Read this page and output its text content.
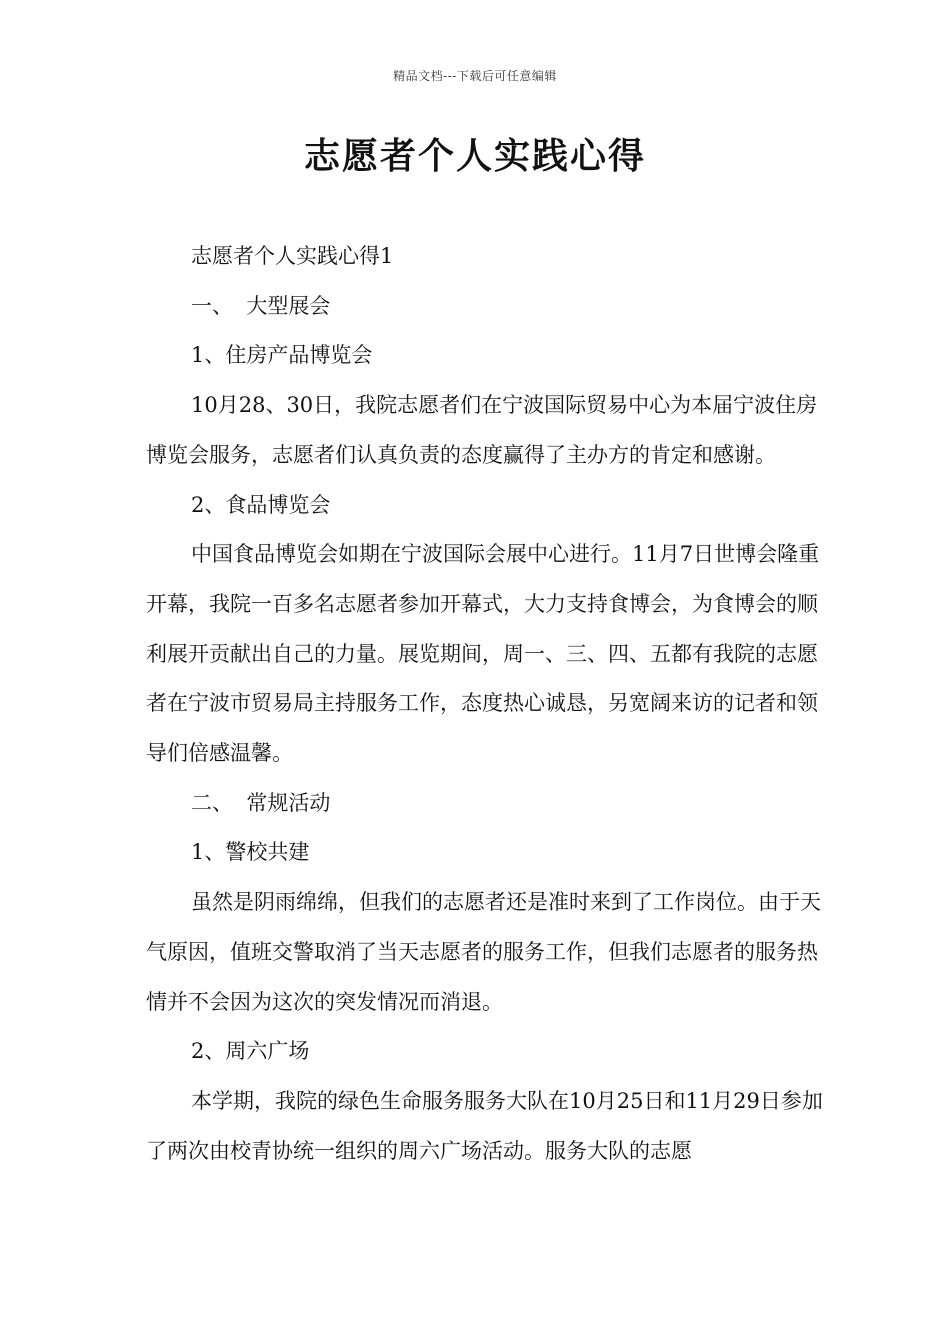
精品文档---下载后可任意编辑
志愿者个人实践心得

志愿者个人实践心得1

一、  大型展会

1、住房产品博览会

10月28、30日，我院志愿者们在宁波国际贸易中心为本届宁波住房博览会服务，志愿者们认真负责的态度赢得了主办方的肯定和感谢。

2、食品博览会

中国食品博览会如期在宁波国际会展中心进行。11月7日世博会隆重开幕，我院一百多名志愿者参加开幕式，大力支持食博会，为食博会的顺利展开贡献出自己的力量。展览期间，周一、三、四、五都有我院的志愿者在宁波市贸易局主持服务工作，态度热心诚恳，另宽阔来访的记者和领导们倍感温馨。

二、  常规活动

1、警校共建

虽然是阴雨绵绵，但我们的志愿者还是准时来到了工作岗位。由于天气原因，值班交警取消了当天志愿者的服务工作，但我们志愿者的服务热情并不会因为这次的突发情况而消退。

2、周六广场

本学期，我院的绿色生命服务服务大队在10月25日和11月29日参加了两次由校青协统一组织的周六广场活动。服务大队的志愿
